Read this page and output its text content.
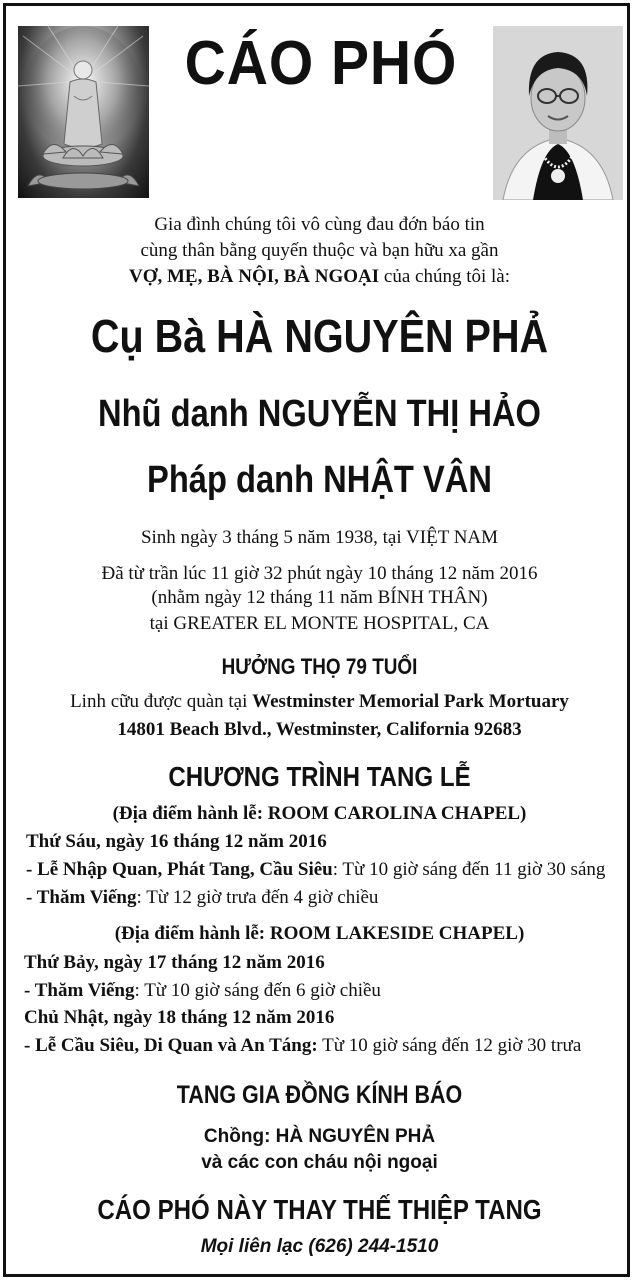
CÁO PHÓ
Gia đình chúng tôi vô cùng đau đớn báo tin
cùng thân bằng quyến thuộc và bạn hữu xa gần
VỢ, MẸ, BÀ NỘI, BÀ NGOẠI của chúng tôi là:
Cụ Bà HÀ NGUYÊN PHẢ
Nhũ danh NGUYỄN THỊ HẢO
Pháp danh NHẬT VÂN
Sinh ngày 3 tháng 5 năm 1938, tại VIỆT NAM
Đã từ trần lúc 11 giờ 32 phút ngày 10 tháng 12 năm 2016
(nhằm ngày 12 tháng 11 năm BÍNH THÂN)
tại GREATER EL MONTE HOSPITAL, CA
HƯỞNG THỌ 79 TUỔI
Linh cữu được quàn tại Westminster Memorial Park Mortuary
14801 Beach Blvd., Westminster, California 92683
CHƯƠNG TRÌNH TANG LỄ
(Địa điểm hành lễ: ROOM CAROLINA CHAPEL)
Thứ Sáu, ngày 16 tháng 12 năm 2016
- Lễ Nhập Quan, Phát Tang, Cầu Siêu: Từ 10 giờ sáng đến 11 giờ 30 sáng
- Thăm Viếng: Từ 12 giờ trưa đến 4 giờ chiều
(Địa điểm hành lễ: ROOM LAKESIDE CHAPEL)
Thứ Bảy, ngày 17 tháng 12 năm 2016
- Thăm Viếng: Từ 10 giờ sáng đến 6 giờ chiều
Chủ Nhật, ngày 18 tháng 12 năm 2016
- Lễ Cầu Siêu, Di Quan và An Táng: Từ 10 giờ sáng đến 12 giờ 30 trưa
TANG GIA ĐỒNG KÍNH BÁO
Chồng: HÀ NGUYÊN PHẢ
và các con cháu nội ngoại
CÁO PHÓ NÀY THAY THẾ THIỆP TANG
Mọi liên lạc (626) 244-1510
